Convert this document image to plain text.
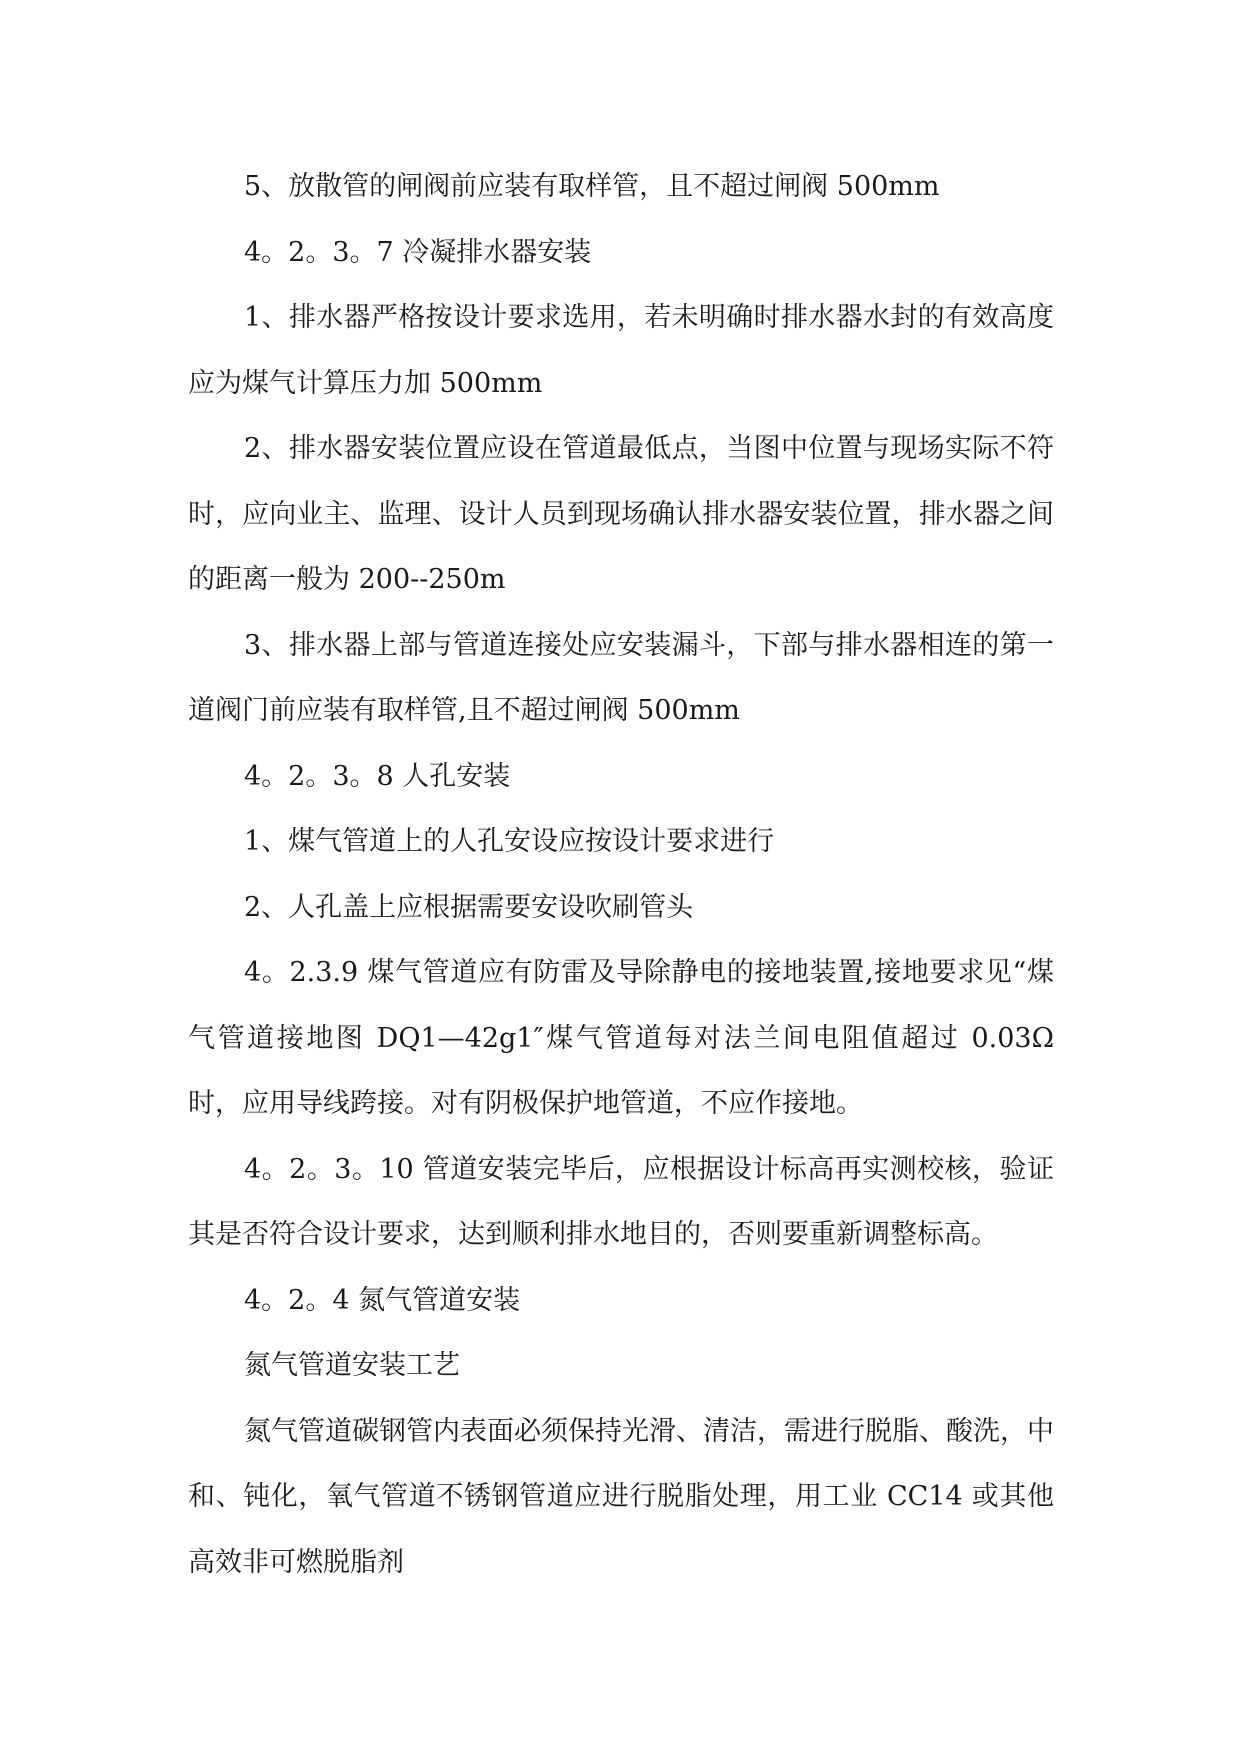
5、放散管的闸阀前应装有取样管，且不超过闸阀 500mm

4。2。3。7 冷凝排水器安装

1、排水器严格按设计要求选用，若未明确时排水器水封的有效高度应为煤气计算压力加 500mm

2、排水器安装位置应设在管道最低点，当图中位置与现场实际不符时，应向业主、监理、设计人员到现场确认排水器安装位置，排水器之间的距离一般为 200--250m

3、排水器上部与管道连接处应安装漏斗，下部与排水器相连的第一道阀门前应装有取样管,且不超过闸阀 500mm

4。2。3。8 人孔安装

1、煤气管道上的人孔安设应按设计要求进行

2、人孔盖上应根据需要安设吹刷管头

4。2.3.9 煤气管道应有防雷及导除静电的接地装置,接地要求见“煤气管道接地图 DQ1—42g1″煤气管道每对法兰间电阻值超过 0.03Ω 时，应用导线跨接。对有阴极保护地管道，不应作接地。

4。2。3。10 管道安装完毕后，应根据设计标高再实测校核，验证其是否符合设计要求，达到顺利排水地目的，否则要重新调整标高。

4。2。4 氮气管道安装

氮气管道安装工艺

氮气管道碳钢管内表面必须保持光滑、清洁，需进行脱脂、酸洗，中和、钝化，氧气管道不锈钢管道应进行脱脂处理，用工业 CC14 或其他高效非可燃脱脂剂
